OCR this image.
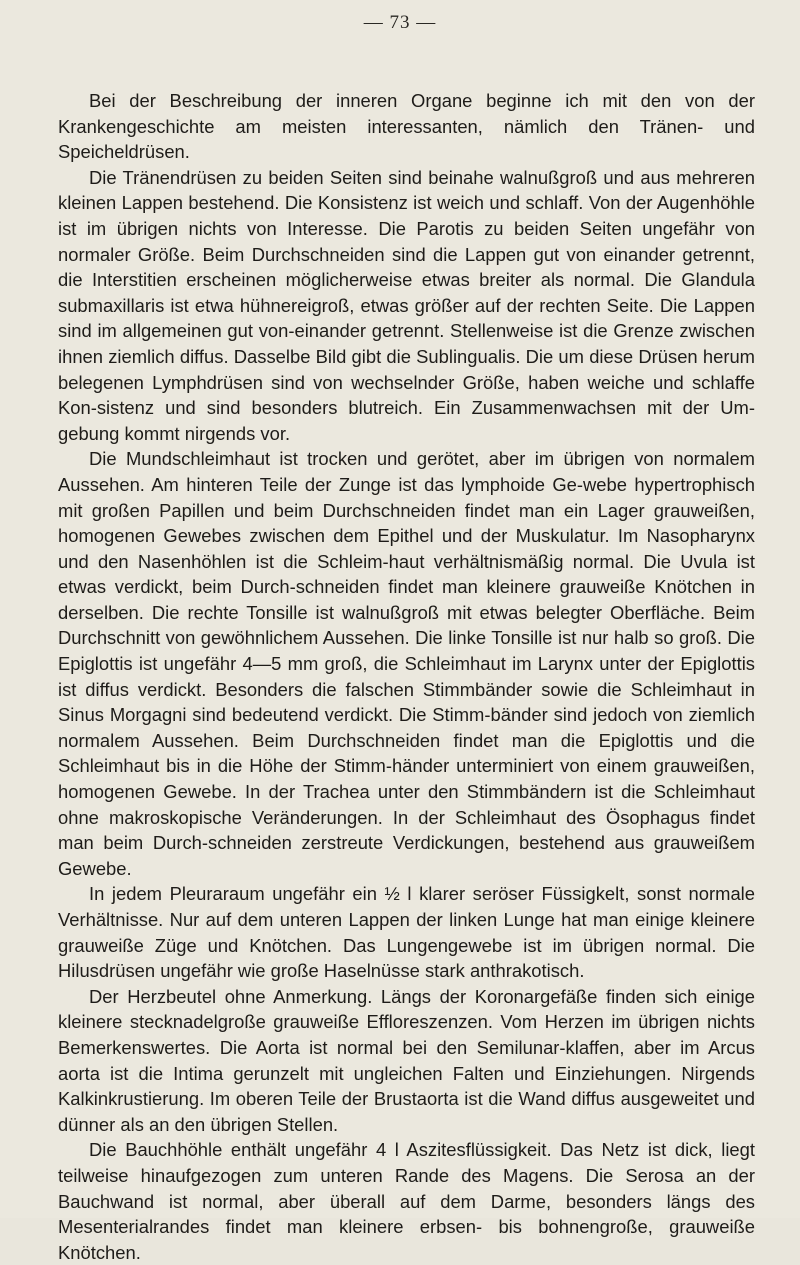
— 73 —

Bei der Beschreibung der inneren Organe beginne ich mit den von der Krankengeschichte am meisten interessanten, nämlich den Tränen- und Speicheldrüsen.

Die Tränendrüsen zu beiden Seiten sind beinahe walnußgroß und aus mehreren kleinen Lappen bestehend. Die Konsistenz ist weich und schlaff. Von der Augenhöhle ist im übrigen nichts von Interesse. Die Parotis zu beiden Seiten ungefähr von normaler Größe. Beim Durchschneiden sind die Lappen gut von einander getrennt, die Interstitien erscheinen möglicherweise etwas breiter als normal. Die Glandula submaxillaris ist etwa hühnereigroß, etwas größer auf der rechten Seite. Die Lappen sind im allgemeinen gut von-einander getrennt. Stellenweise ist die Grenze zwischen ihnen ziemlich diffus. Dasselbe Bild gibt die Sublingualis. Die um diese Drüsen herum belegenen Lymphdrüsen sind von wechselnder Größe, haben weiche und schlaffe Kon-sistenz und sind besonders blutreich. Ein Zusammenwachsen mit der Um-gebung kommt nirgends vor.

Die Mundschleimhaut ist trocken und gerötet, aber im übrigen von normalem Aussehen. Am hinteren Teile der Zunge ist das lymphoide Ge-webe hypertrophisch mit großen Papillen und beim Durchschneiden findet man ein Lager grauweißen, homogenen Gewebes zwischen dem Epithel und der Muskulatur. Im Nasopharynx und den Nasenhöhlen ist die Schleim-haut verhältnismäßig normal. Die Uvula ist etwas verdickt, beim Durch-schneiden findet man kleinere grauweiße Knötchen in derselben. Die rechte Tonsille ist walnußgroß mit etwas belegter Oberfläche. Beim Durchschnitt von gewöhnlichem Aussehen. Die linke Tonsille ist nur halb so groß. Die Epiglottis ist ungefähr 4—5 mm groß, die Schleimhaut im Larynx unter der Epiglottis ist diffus verdickt. Besonders die falschen Stimmbänder sowie die Schleimhaut in Sinus Morgagni sind bedeutend verdickt. Die Stimm-bänder sind jedoch von ziemlich normalem Aussehen. Beim Durchschneiden findet man die Epiglottis und die Schleimhaut bis in die Höhe der Stimm-händer unterminiert von einem grauweißen, homogenen Gewebe. In der Trachea unter den Stimmbändern ist die Schleimhaut ohne makroskopische Veränderungen. In der Schleimhaut des Ösophagus findet man beim Durch-schneiden zerstreute Verdickungen, bestehend aus grauweißem Gewebe.

In jedem Pleuraraum ungefähr ein ½ l klarer seröser Füssigkelt, sonst normale Verhältnisse. Nur auf dem unteren Lappen der linken Lunge hat man einige kleinere grauweiße Züge und Knötchen. Das Lungengewebe ist im übrigen normal. Die Hilusdrüsen ungefähr wie große Haselnüsse stark anthrakotisch.

Der Herzbeutel ohne Anmerkung. Längs der Koronargefäße finden sich einige kleinere stecknadelgroße grauweiße Effloreszenzen. Vom Herzen im übrigen nichts Bemerkenswertes. Die Aorta ist normal bei den Semilunar-klaffen, aber im Arcus aorta ist die Intima gerunzelt mit ungleichen Falten und Einziehungen. Nirgends Kalkinkrustierung. Im oberen Teile der Brustaorta ist die Wand diffus ausgeweitet und dünner als an den übrigen Stellen.

Die Bauchhöhle enthält ungefähr 4 l Aszitesflüssigkeit. Das Netz ist dick, liegt teilweise hinaufgezogen zum unteren Rande des Magens. Die Serosa an der Bauchwand ist normal, aber überall auf dem Darme, besonders längs des Mesenterialrandes findet man kleinere erbsen- bis bohnengroße, grauweiße Knötchen.
